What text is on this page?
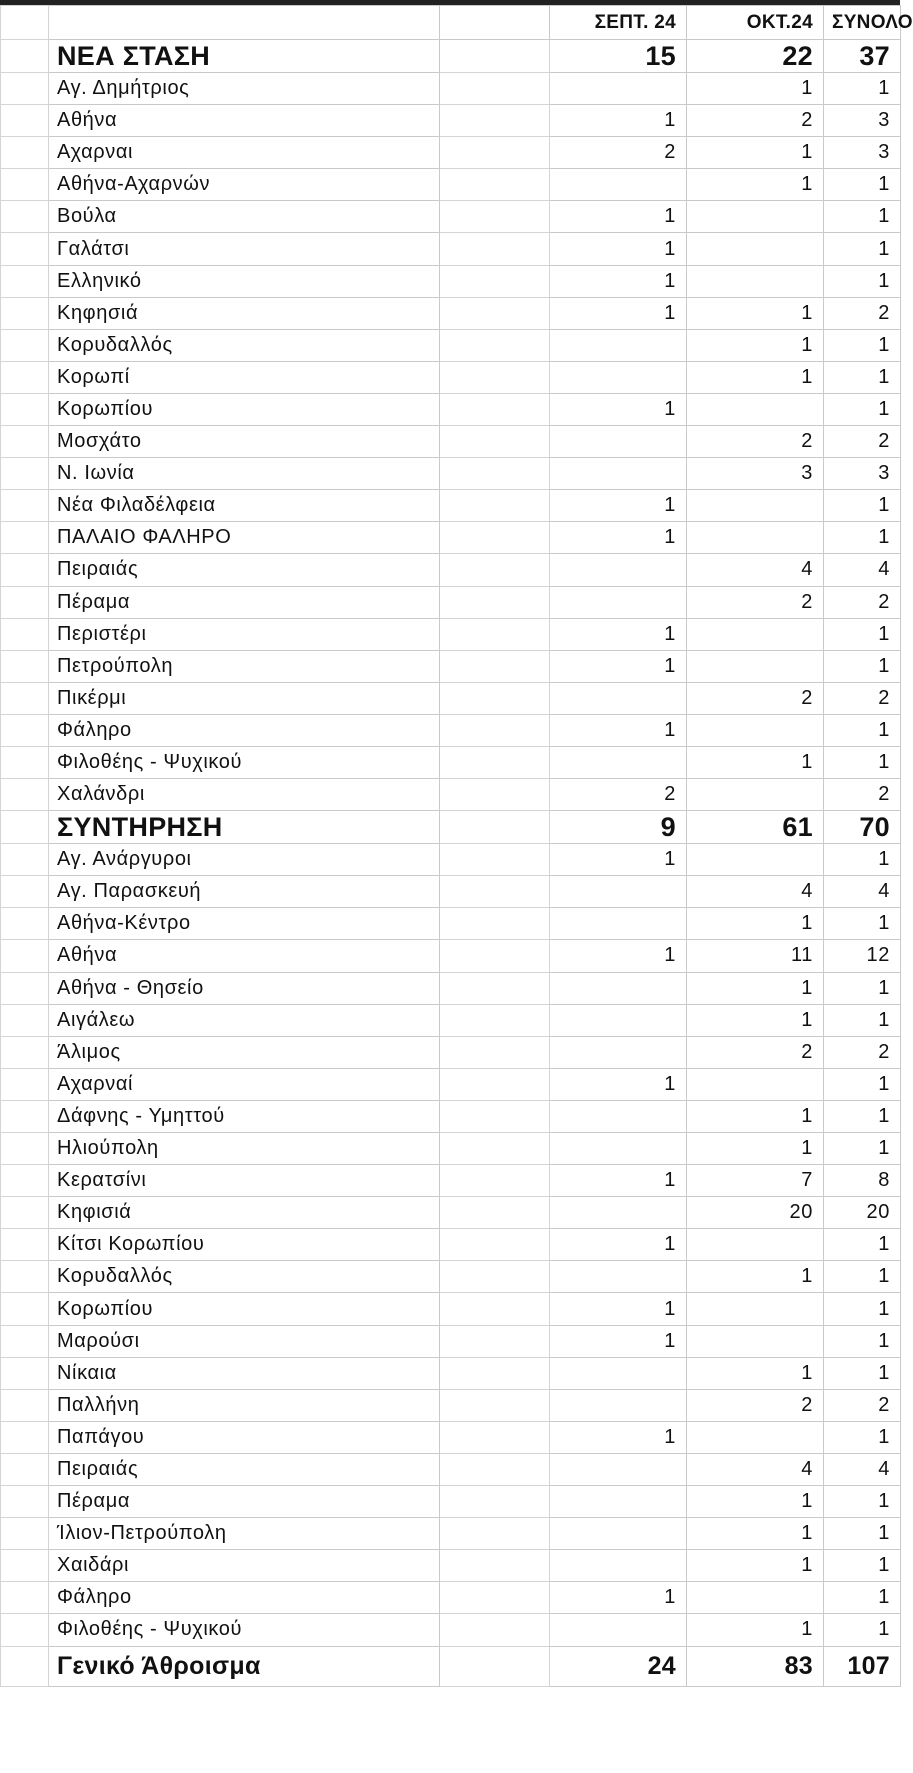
			ΣΕΠΤ. 24	ΟΚΤ.24	ΣΥΝΟΛΟ
	ΝΕΑ ΣΤΑΣΗ		15	22	37
	Αγ. Δημήτριος			1	1
	Αθήνα		1	2	3
	Αχαρναι		2	1	3
	Αθήνα-Αχαρνών			1	1
	Βούλα		1		1
	Γαλάτσι		1		1
	Ελληνικό		1		1
	Κηφησιά		1	1	2
	Κορυδαλλός			1	1
	Κορωπί			1	1
	Κορωπίου		1		1
	Μοσχάτο			2	2
	Ν. Ιωνία			3	3
	Νέα Φιλαδέλφεια		1		1
	ΠΑΛΑΙΟ ΦΑΛΗΡΟ		1		1
	Πειραιάς			4	4
	Πέραμα			2	2
	Περιστέρι		1		1
	Πετρούπολη		1		1
	Πικέρμι			2	2
	Φάληρο		1		1
	Φιλοθέης - Ψυχικού			1	1
	Χαλάνδρι		2		2
	ΣΥΝΤΗΡΗΣΗ		9	61	70
	Αγ. Ανάργυροι		1		1
	Αγ. Παρασκευή			4	4
	Αθήνα-Κέντρο			1	1
	Αθήνα		1	11	12
	Αθήνα - Θησείο			1	1
	Αιγάλεω			1	1
	Άλιμος			2	2
	Αχαρναί		1		1
	Δάφνης - Υμηττού			1	1
	Ηλιούπολη			1	1
	Κερατσίνι		1	7	8
	Κηφισιά			20	20
	Κίτσι Κορωπίου		1		1
	Κορυδαλλός			1	1
	Κορωπίου		1		1
	Μαρούσι		1		1
	Νίκαια			1	1
	Παλλήνη			2	2
	Παπάγου		1		1
	Πειραιάς			4	4
	Πέραμα			1	1
	Ίλιον-Πετρούπολη			1	1
	Χαιδάρι			1	1
	Φάληρο		1		1
	Φιλοθέης - Ψυχικού			1	1
	Γενικό Άθροισμα		24	83	107
